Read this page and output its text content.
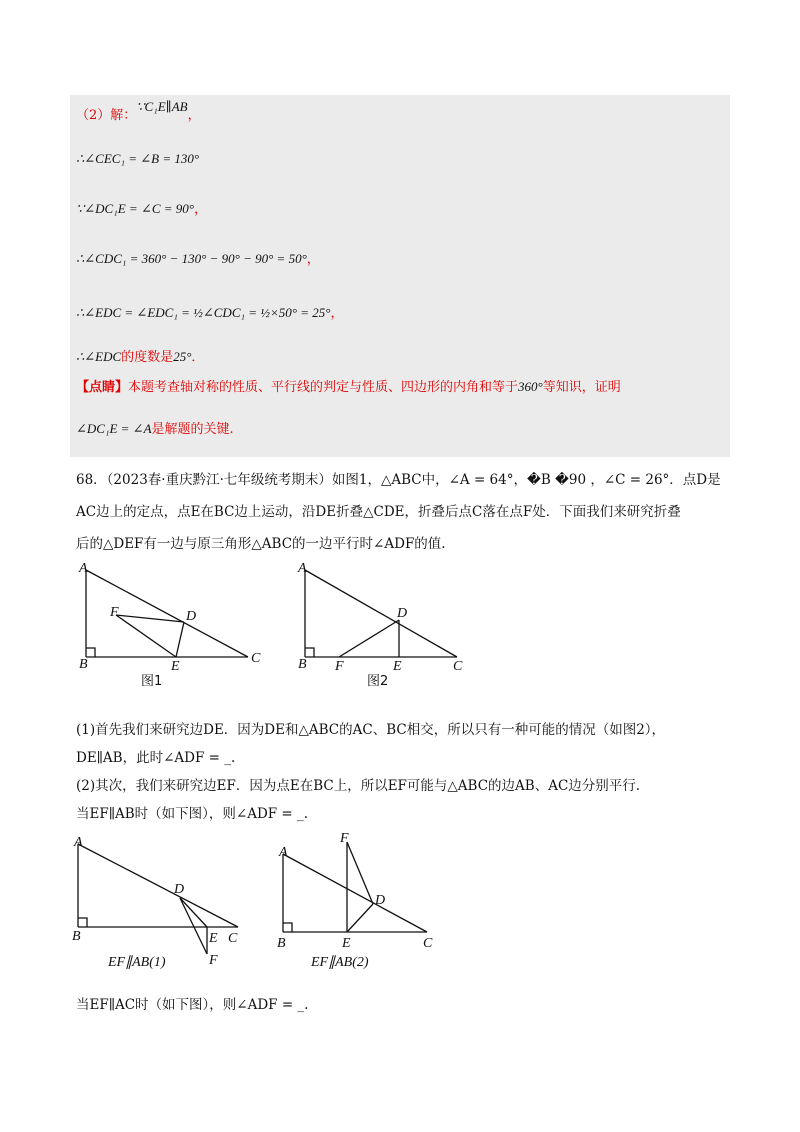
（2）解：∵C₁E∥AB，
∴∠CEC₁ = ∠B = 130°
∵∠DC₁E = ∠C = 90°，
∴∠CDC₁ = 360° − 130° − 90° − 90° = 50°，
∴∠EDC = ∠EDC₁ = ½∠CDC₁ = ½×50° = 25°，
∴∠EDC的度数是25°．
【点睛】本题考查轴对称的性质、平行线的判定与性质、四边形的内角和等于360°等知识，证明
∠DC₁E = ∠A是解题的关键.
68．（2023春·重庆黔江·七年级统考期末）如图1，△ABC中，∠A = 64°，�B �90 ，∠C = 26°．点D是
AC边上的定点，点E在BC边上运动，沿DE折叠△CDE，折叠后点C落在点F处．下面我们来研究折叠
后的△DEF有一边与原三角形△ABC的一边平行时∠ADF的值.
A
B	C
D
E
F
图1
A
B	C
D
E
F
图2
(1)首先我们来研究边DE．因为DE和△ABC的AC、BC相交，所以只有一种可能的情况（如图2），
DE∥AB，此时∠ADF = _.
(2)其次，我们来研究边EF．因为点E在BC上，所以EF可能与△ABC的边AB、AC边分别平行.
当EF∥AB时（如下图），则∠ADF = _.
A
B	C
D
E
F
EF∥AB(1)
A
B	C
D
E
F
EF∥AB(2)
当EF∥AC时（如下图），则∠ADF = _.
